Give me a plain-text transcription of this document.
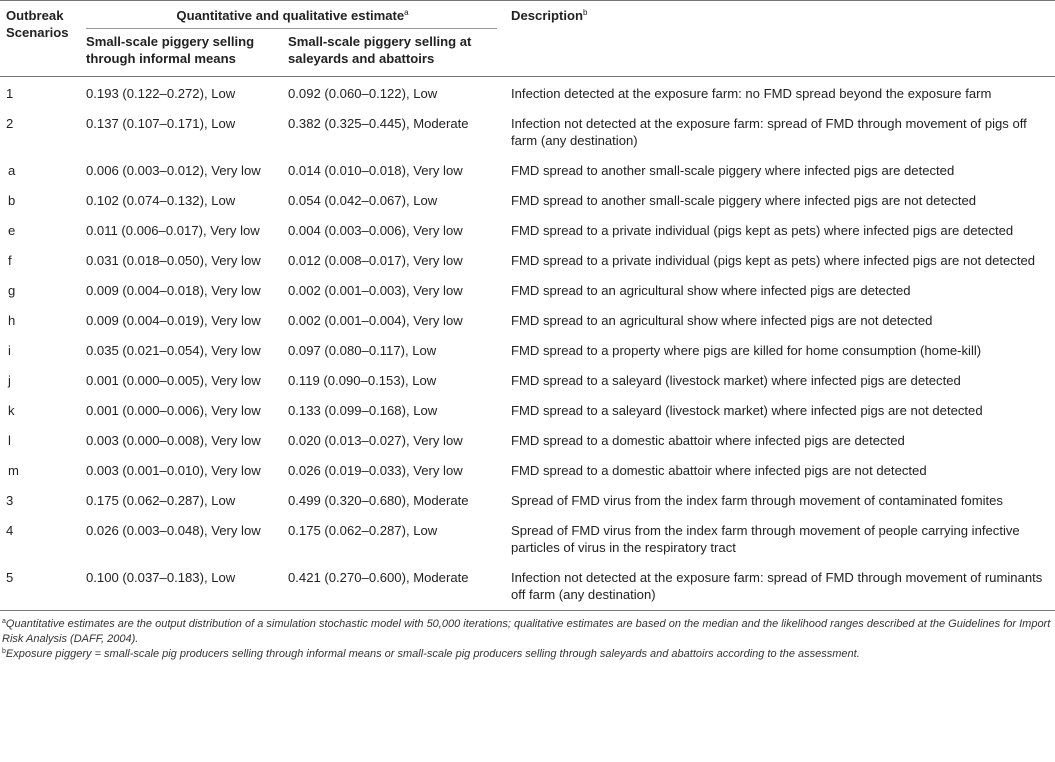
Outbreak Scenarios	Quantitative and qualitative estimate$^a$		Description$^b$
	Small-scale piggery selling through informal means	Small-scale piggery selling at saleyards and abattoirs	
1	0.193 (0.122–0.272), Low	0.092 (0.060–0.122), Low	Infection detected at the exposure farm: no FMD spread beyond the exposure farm
2	0.137 (0.107–0.171), Low	0.382 (0.325–0.445), Moderate	Infection not detected at the exposure farm: spread of FMD through movement of pigs off farm (any destination)
a	0.006 (0.003–0.012), Very low	0.014 (0.010–0.018), Very low	FMD spread to another small-scale piggery where infected pigs are detected
b	0.102 (0.074–0.132), Low	0.054 (0.042–0.067), Low	FMD spread to another small-scale piggery where infected pigs are not detected
e	0.011 (0.006–0.017), Very low	0.004 (0.003–0.006), Very low	FMD spread to a private individual (pigs kept as pets) where infected pigs are detected
f	0.031 (0.018–0.050), Very low	0.012 (0.008–0.017), Very low	FMD spread to a private individual (pigs kept as pets) where infected pigs are not detected
g	0.009 (0.004–0.018), Very low	0.002 (0.001–0.003), Very low	FMD spread to an agricultural show where infected pigs are detected
h	0.009 (0.004–0.019), Very low	0.002 (0.001–0.004), Very low	FMD spread to an agricultural show where infected pigs are not detected
i	0.035 (0.021–0.054), Very low	0.097 (0.080–0.117), Low	FMD spread to a property where pigs are killed for home consumption (home-kill)
j	0.001 (0.000–0.005), Very low	0.119 (0.090–0.153), Low	FMD spread to a saleyard (livestock market) where infected pigs are detected
k	0.001 (0.000–0.006), Very low	0.133 (0.099–0.168), Low	FMD spread to a saleyard (livestock market) where infected pigs are not detected
l	0.003 (0.000–0.008), Very low	0.020 (0.013–0.027), Very low	FMD spread to a domestic abattoir where infected pigs are detected
m	0.003 (0.001–0.010), Very low	0.026 (0.019–0.033), Very low	FMD spread to a domestic abattoir where infected pigs are not detected
3	0.175 (0.062–0.287), Low	0.499 (0.320–0.680), Moderate	Spread of FMD virus from the index farm through movement of contaminated fomites
4	0.026 (0.003–0.048), Very low	0.175 (0.062–0.287), Low	Spread of FMD virus from the index farm through movement of people carrying infective particles of virus in the respiratory tract
5	0.100 (0.037–0.183), Low	0.421 (0.270–0.600), Moderate	Infection not detected at the exposure farm: spread of FMD through movement of ruminants off farm (any destination)

$^a$Quantitative estimates are the output distribution of a simulation stochastic model with 50,000 iterations; qualitative estimates are based on the median and the likelihood ranges described at the Guidelines for Import Risk Analysis (DAFF, 2004).

$^b$Exposure piggery = small-scale pig producers selling through informal means or small-scale pig producers selling through saleyards and abattoirs according to the assessment.
